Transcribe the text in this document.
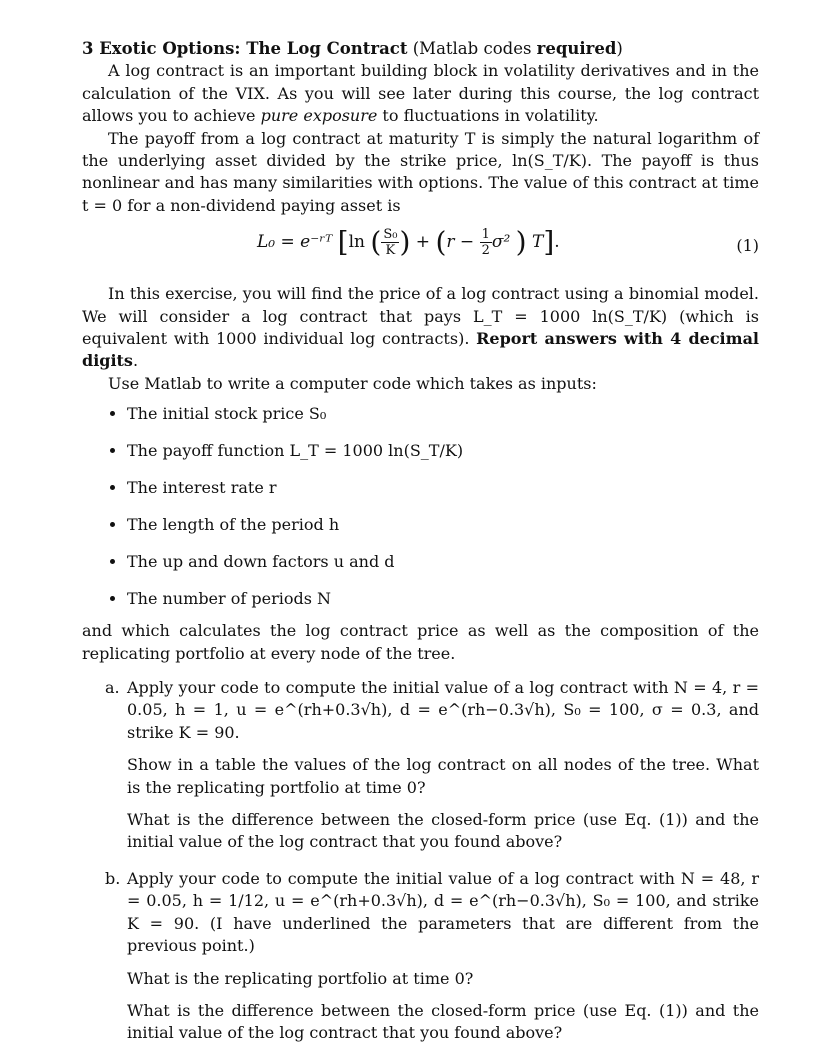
3 Exotic Options: The Log Contract (Matlab codes required)

A log contract is an important building block in volatility derivatives and in the calculation of the VIX. As you will see later during this course, the log contract allows you to achieve pure exposure to fluctuations in volatility.

The payoff from a log contract at maturity T is simply the natural logarithm of the underlying asset divided by the strike price, ln(S_T/K). The payoff is thus nonlinear and has many similarities with options. The value of this contract at time t = 0 for a non-dividend paying asset is

L₀ = e⁻ʳᵀ [ln ( $\frac{\text{S₀}}{K}$ ) + ($r - \frac{1}{2} \sigma^2$ ) T].	(1)

In this exercise, you will find the price of a log contract using a binomial model. We will consider a log contract that pays L_T = 1000 ln(S_T/K) (which is equivalent with 1000 individual log contracts). Report answers with 4 decimal digits.

Use Matlab to write a computer code which takes as inputs:

• The initial stock price S₀
• The payoff function L_T = 1000 ln(S_T/K)
• The interest rate r
• The length of the period h
• The up and down factors u and d
• The number of periods N

and which calculates the log contract price as well as the composition of the replicating portfolio at every node of the tree.

a. Apply your code to compute the initial value of a log contract with N = 4, r = 0.05, h = 1, u = e^(rh+0.3√h), d = e^(rh−0.3√h), S₀ = 100, σ = 0.3, and strike K = 90.

Show in a table the values of the log contract on all nodes of the tree. What is the replicating portfolio at time 0?

What is the difference between the closed-form price (use Eq. (1)) and the initial value of the log contract that you found above?

b. Apply your code to compute the initial value of a log contract with N = 48, r = 0.05, h = 1/12, u = e^(rh+0.3√h), d = e^(rh−0.3√h), S₀ = 100, and strike K = 90. (I have underlined the parameters that are different from the previous point.)

What is the replicating portfolio at time 0?

What is the difference between the closed-form price (use Eq. (1)) and the initial value of the log contract that you found above?
